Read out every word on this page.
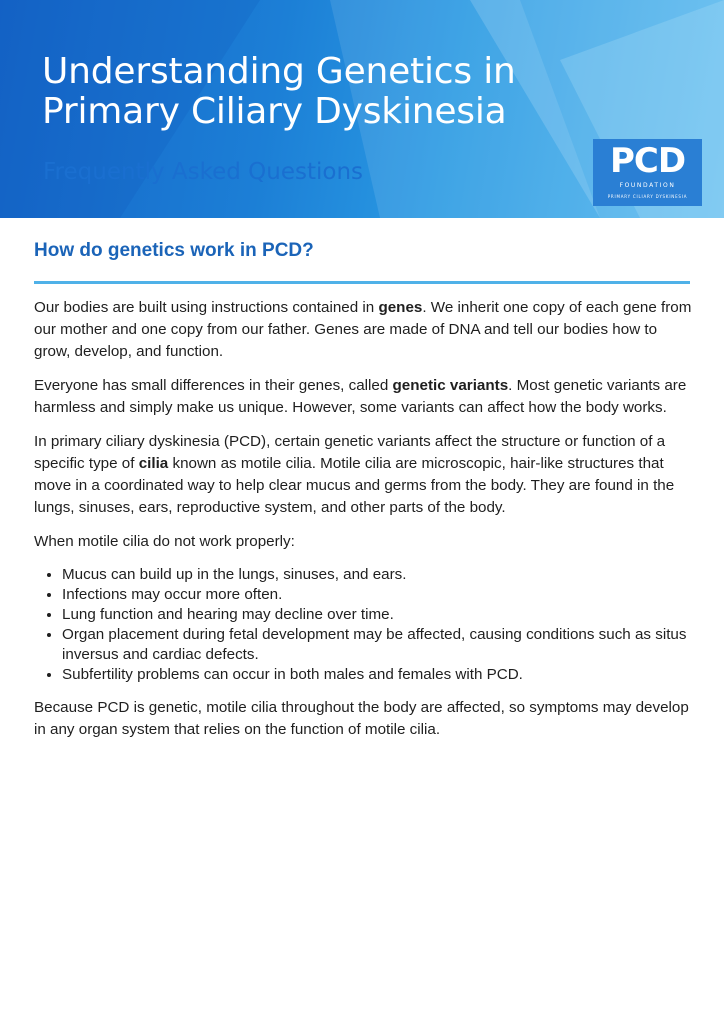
Understanding Genetics in
Primary Ciliary Dyskinesia

Frequently Asked Questions	PCD
FOUNDATION
PRIMARY CILIARY DYSKINESIA
How do genetics work in PCD?

Our bodies are built using instructions contained in genes. We inherit one copy of each gene from our mother and one copy from our father. Genes are made of DNA and tell our bodies how to grow, develop, and function.

Everyone has small differences in their genes, called genetic variants. Most genetic variants are harmless and simply make us unique. However, some variants can affect how the body works.

In primary ciliary dyskinesia (PCD), certain genetic variants affect the structure or function of a specific type of cilia known as motile cilia. Motile cilia are microscopic, hair-like structures that move in a coordinated way to help clear mucus and germs from the body. They are found in the lungs, sinuses, ears, reproductive system, and other parts of the body.

When motile cilia do not work properly:

• Mucus can build up in the lungs, sinuses, and ears.
• Infections may occur more often.
• Lung function and hearing may decline over time.
• Organ placement during fetal development may be affected, causing conditions such as situs inversus and cardiac defects.
• Subfertility problems can occur in both males and females with PCD.

Because PCD is genetic, motile cilia throughout the body are affected, so symptoms may develop in any organ system that relies on the function of motile cilia.
